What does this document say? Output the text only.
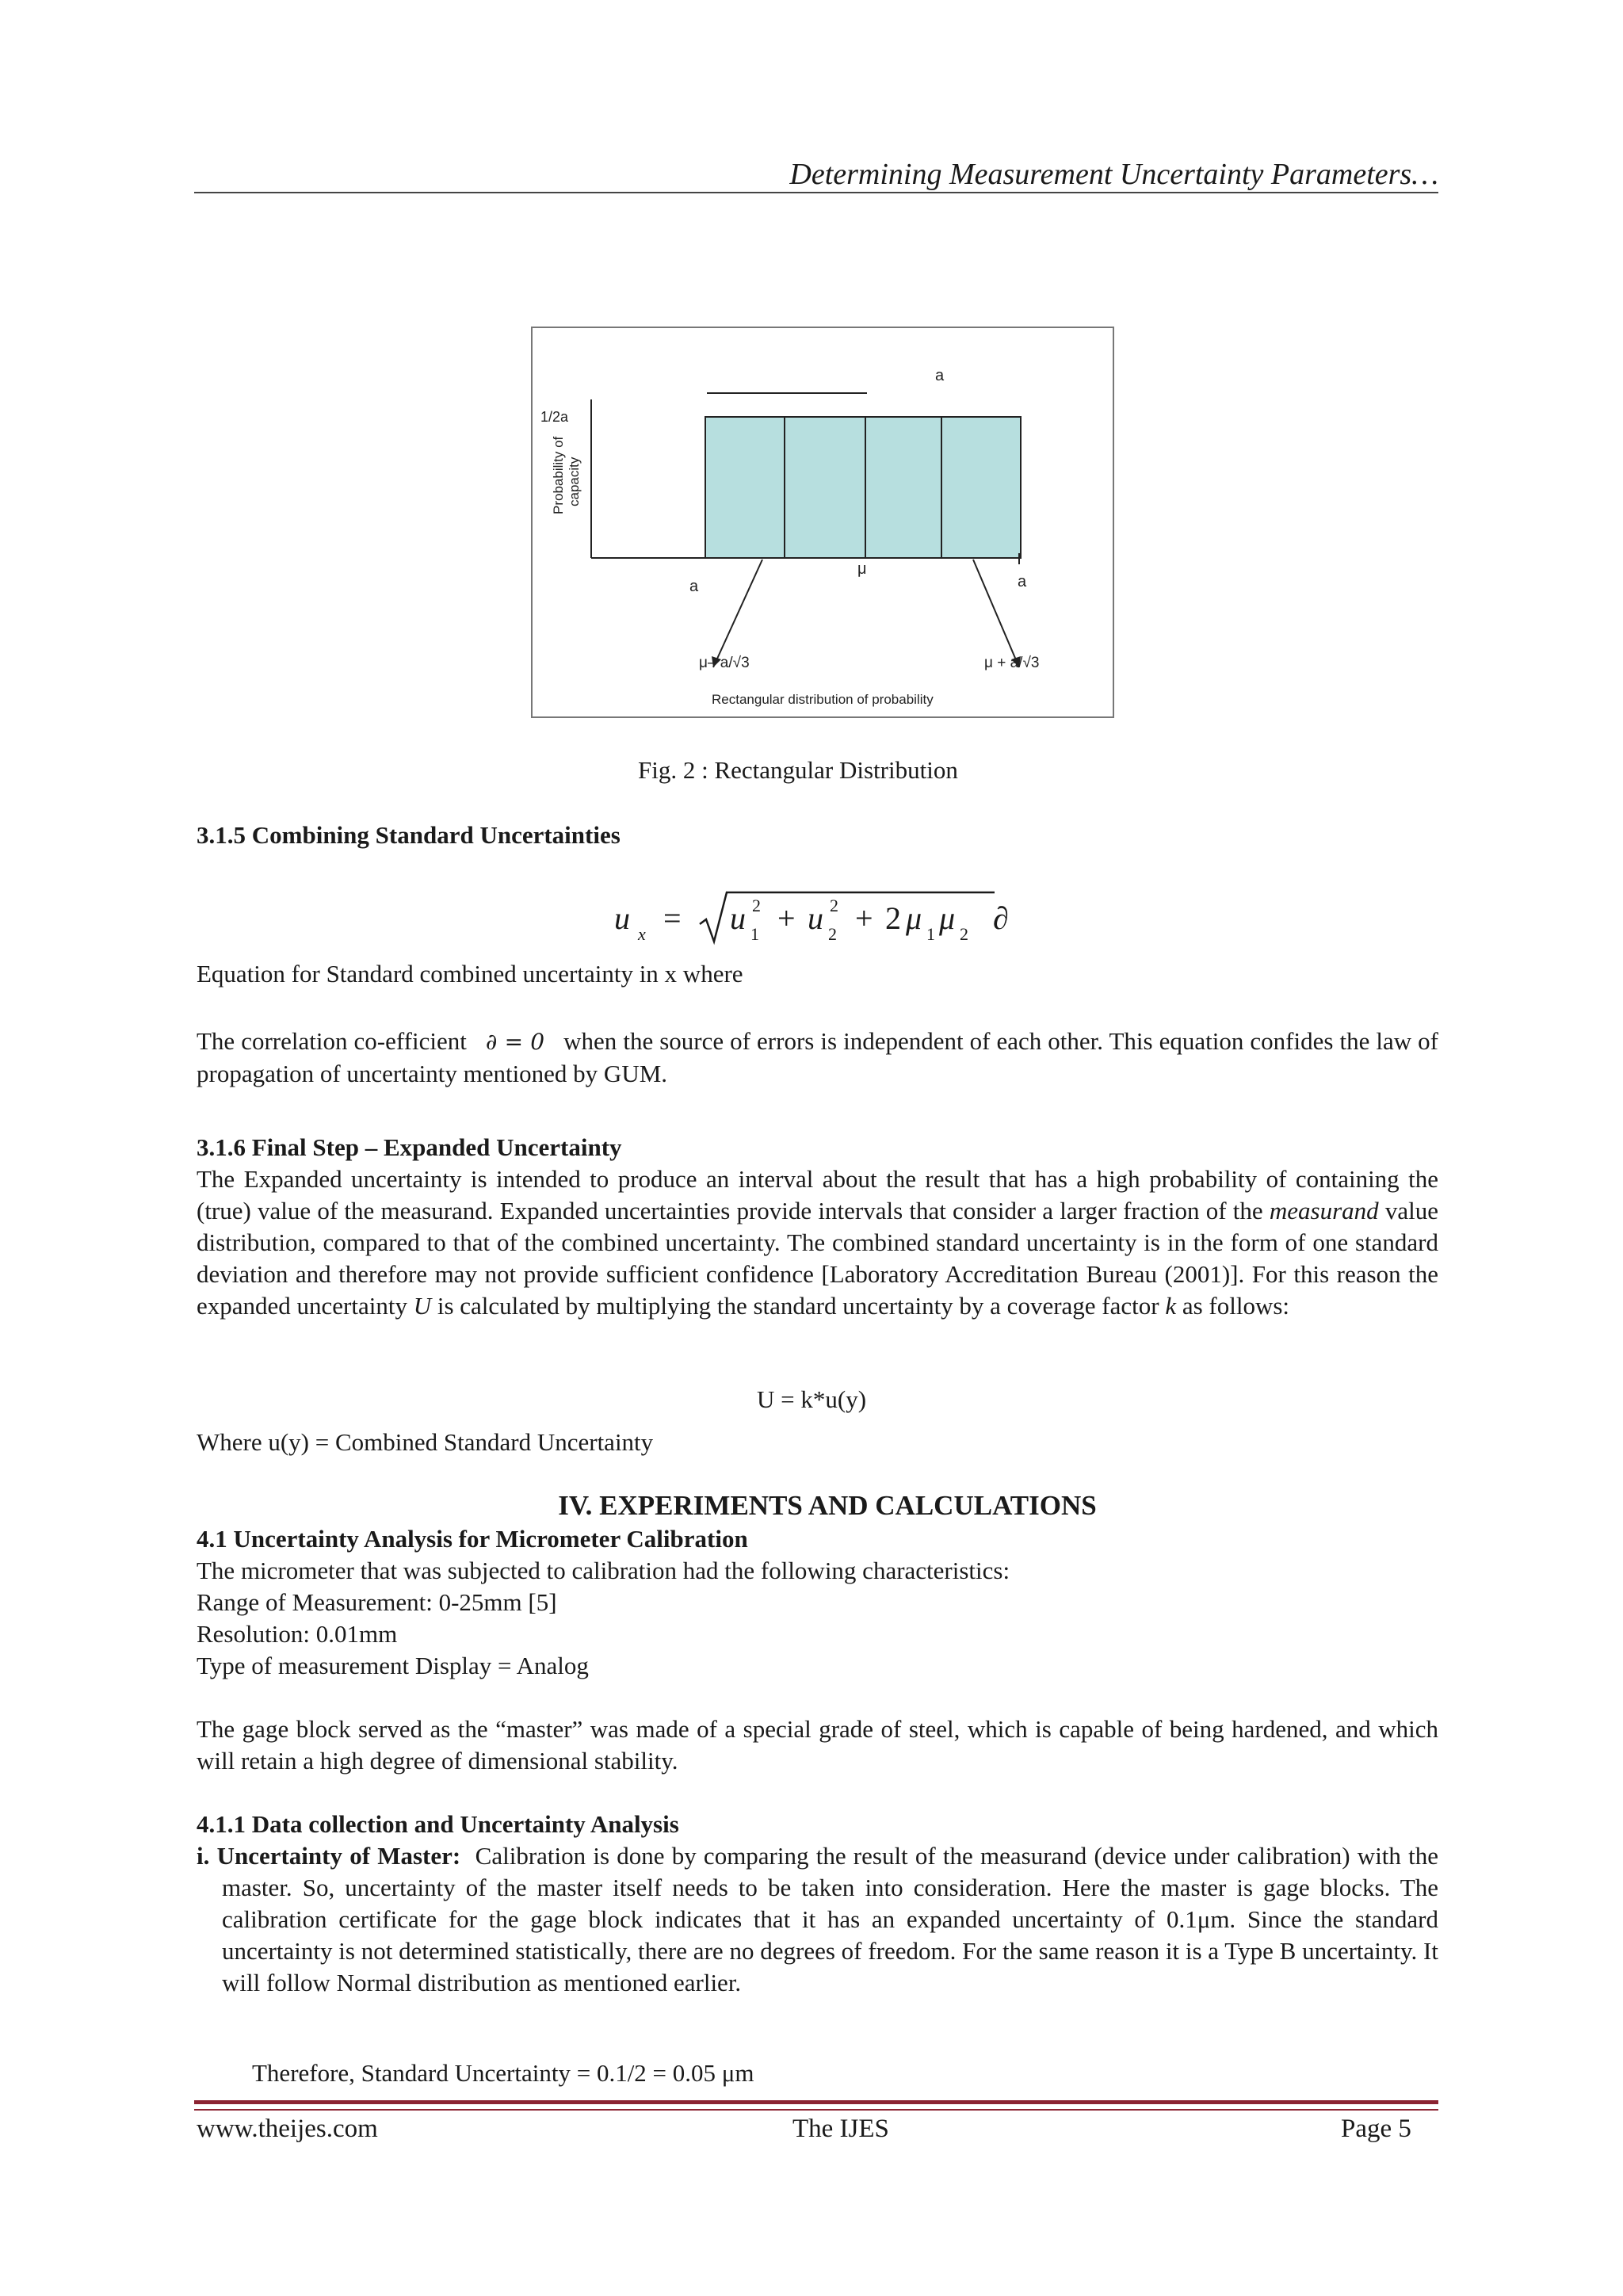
Determining Measurement Uncertainty Parameters…
a
1/2a
Probability of capacity
a
μ
a
μ– a/√3	μ + a/√3
Rectangular distribution of probability
Fig. 2 : Rectangular Distribution
3.1.5 Combining Standard Uncertainties
u x = u 2
1 + u 2
2 + 2 μ 1 μ 2 ∂
Equation for Standard combined uncertainty in x where
The correlation co-efficient ∂ = 0 when the source of errors is independent of each other. This equation confides the law of propagation of uncertainty mentioned by GUM.
3.1.6 Final Step – Expanded Uncertainty
The Expanded uncertainty is intended to produce an interval about the result that has a high probability of containing the (true) value of the measurand. Expanded uncertainties provide intervals that consider a larger fraction of the measurand value distribution, compared to that of the combined uncertainty. The combined standard uncertainty is in the form of one standard deviation and therefore may not provide sufficient confidence [Laboratory Accreditation Bureau (2001)]. For this reason the expanded uncertainty U is calculated by multiplying the standard uncertainty by a coverage factor k as follows:
U = k*u(y)
Where u(y) = Combined Standard Uncertainty
IV. EXPERIMENTS AND CALCULATIONS
4.1 Uncertainty Analysis for Micrometer Calibration
The micrometer that was subjected to calibration had the following characteristics:
Range of Measurement: 0-25mm [5]
Resolution: 0.01mm
Type of measurement Display = Analog
The gage block served as the “master” was made of a special grade of steel, which is capable of being hardened, and which will retain a high degree of dimensional stability.
4.1.1 Data collection and Uncertainty Analysis
i. Uncertainty of Master: Calibration is done by comparing the result of the measurand (device under calibration) with the master. So, uncertainty of the master itself needs to be taken into consideration. Here the master is gage blocks. The calibration certificate for the gage block indicates that it has an expanded uncertainty of 0.1μm. Since the standard uncertainty is not determined statistically, there are no degrees of freedom. For the same reason it is a Type B uncertainty. It will follow Normal distribution as mentioned earlier.
Therefore, Standard Uncertainty = 0.1/2 = 0.05 μm
www.theijes.com	The IJES	Page 5
